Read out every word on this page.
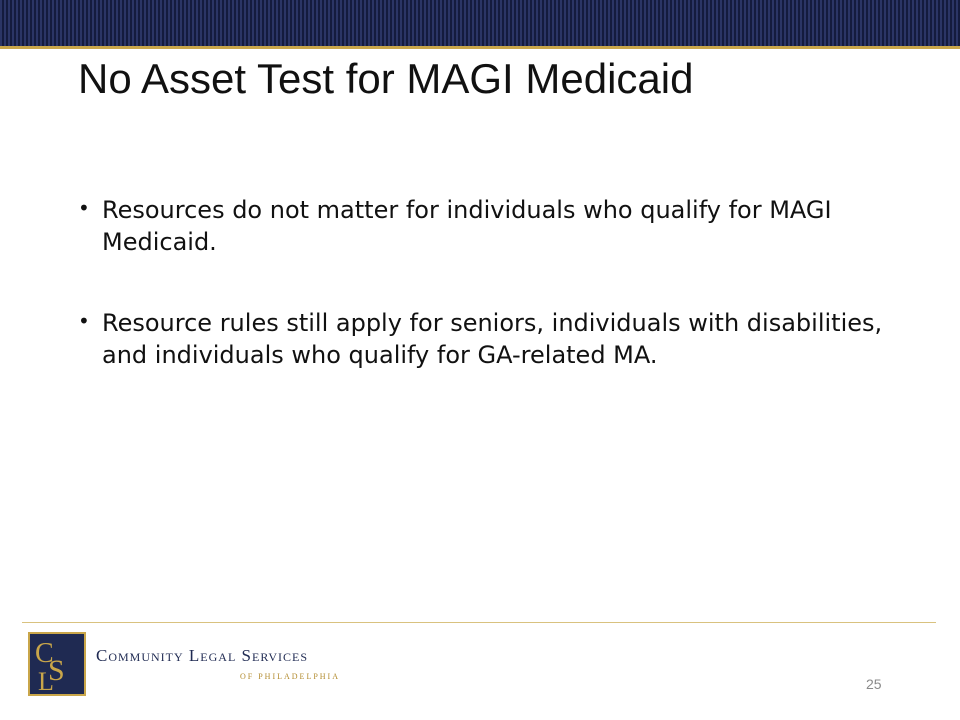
No Asset Test for MAGI Medicaid
• Resources do not matter for individuals who qualify for MAGI Medicaid.
• Resource rules still apply for seniors, individuals with disabilities, and individuals who qualify for GA-related MA.
C
S
L
Community Legal Services
OF PHILADELPHIA	25
